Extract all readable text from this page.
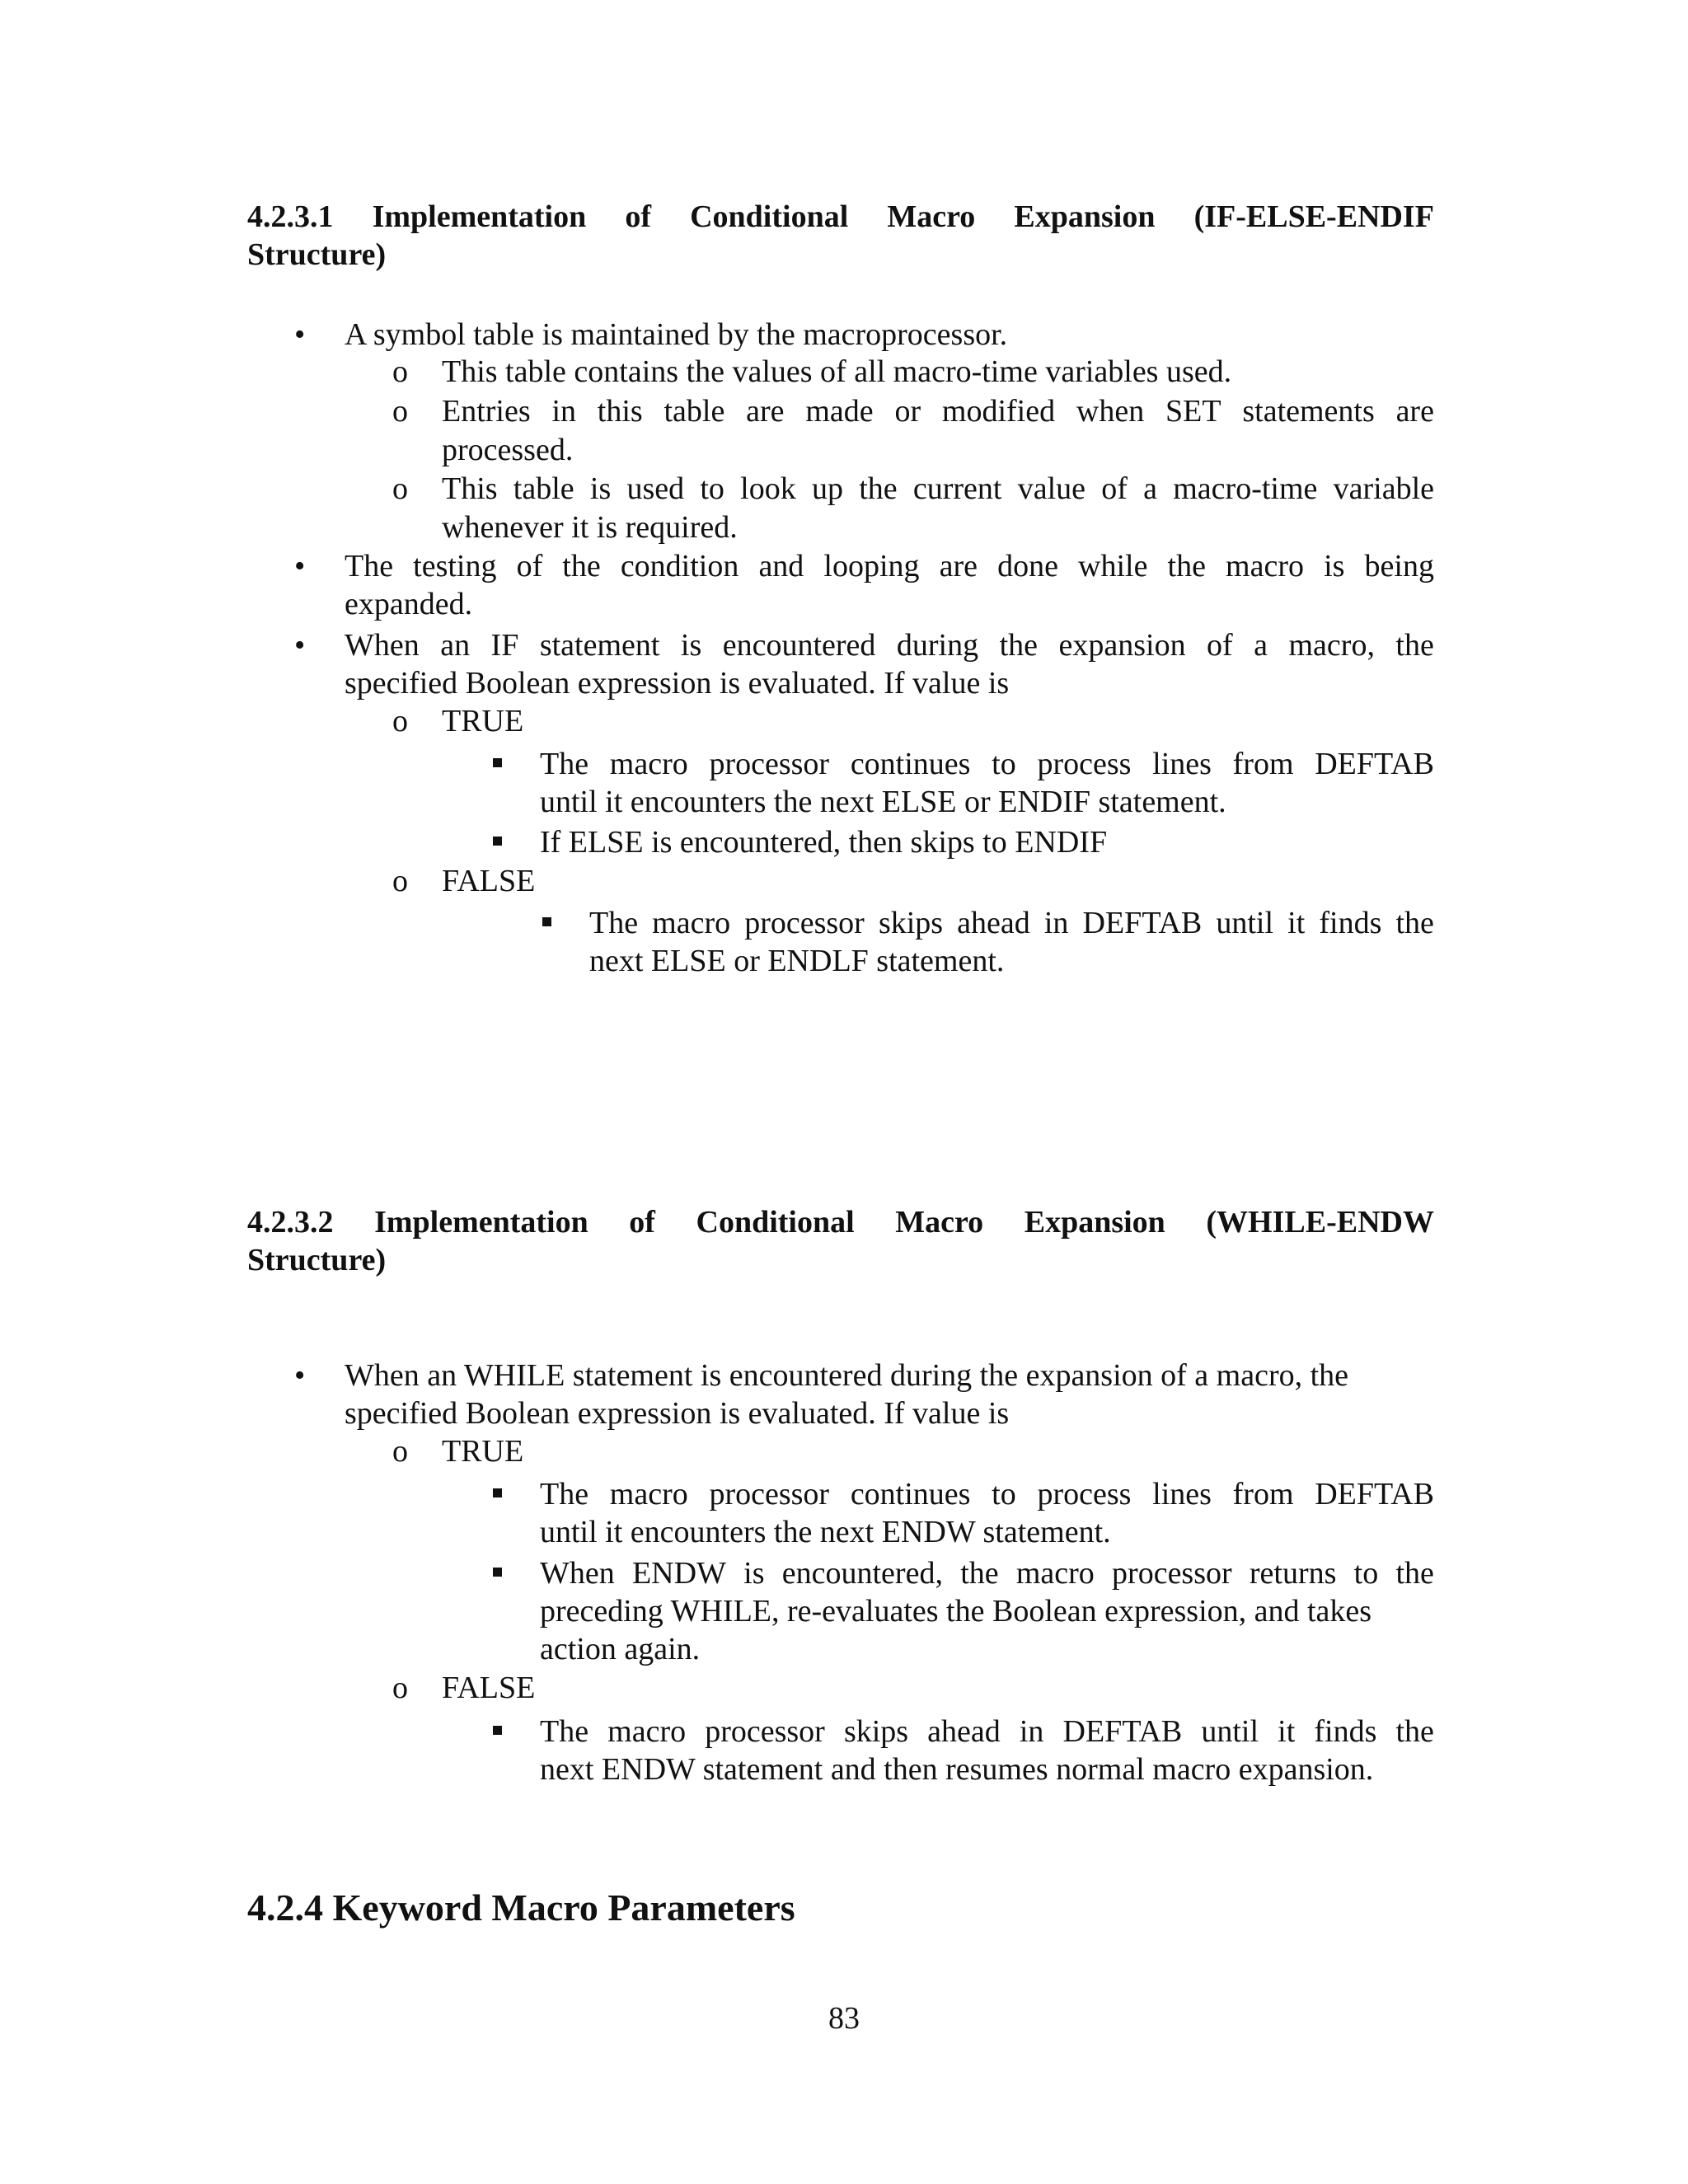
4.2.3.1 Implementation of Conditional Macro Expansion (IF-ELSE-ENDIF
Structure)
• A symbol table is maintained by the macroprocessor.
o This table contains the values of all macro-time variables used.
o Entries in this table are made or modified when SET statements are
processed.
o This table is used to look up the current value of a macro-time variable
whenever it is required.
• The testing of the condition and looping are done while the macro is being
expanded.
• When an IF statement is encountered during the expansion of a macro, the
specified Boolean expression is evaluated. If value is
o TRUE
The macro processor continues to process lines from DEFTAB
until it encounters the next ELSE or ENDIF statement.
If ELSE is encountered, then skips to ENDIF
o FALSE
The macro processor skips ahead in DEFTAB until it finds the
next ELSE or ENDLF statement.
4.2.3.2 Implementation of Conditional Macro Expansion (WHILE-ENDW
Structure)
• When an WHILE statement is encountered during the expansion of a macro, the
specified Boolean expression is evaluated. If value is
o TRUE
The macro processor continues to process lines from DEFTAB
until it encounters the next ENDW statement.
When ENDW is encountered, the macro processor returns to the
preceding WHILE, re-evaluates the Boolean expression, and takes
action again.
o FALSE
The macro processor skips ahead in DEFTAB until it finds the
next ENDW statement and then resumes normal macro expansion.
4.2.4 Keyword Macro Parameters
83
